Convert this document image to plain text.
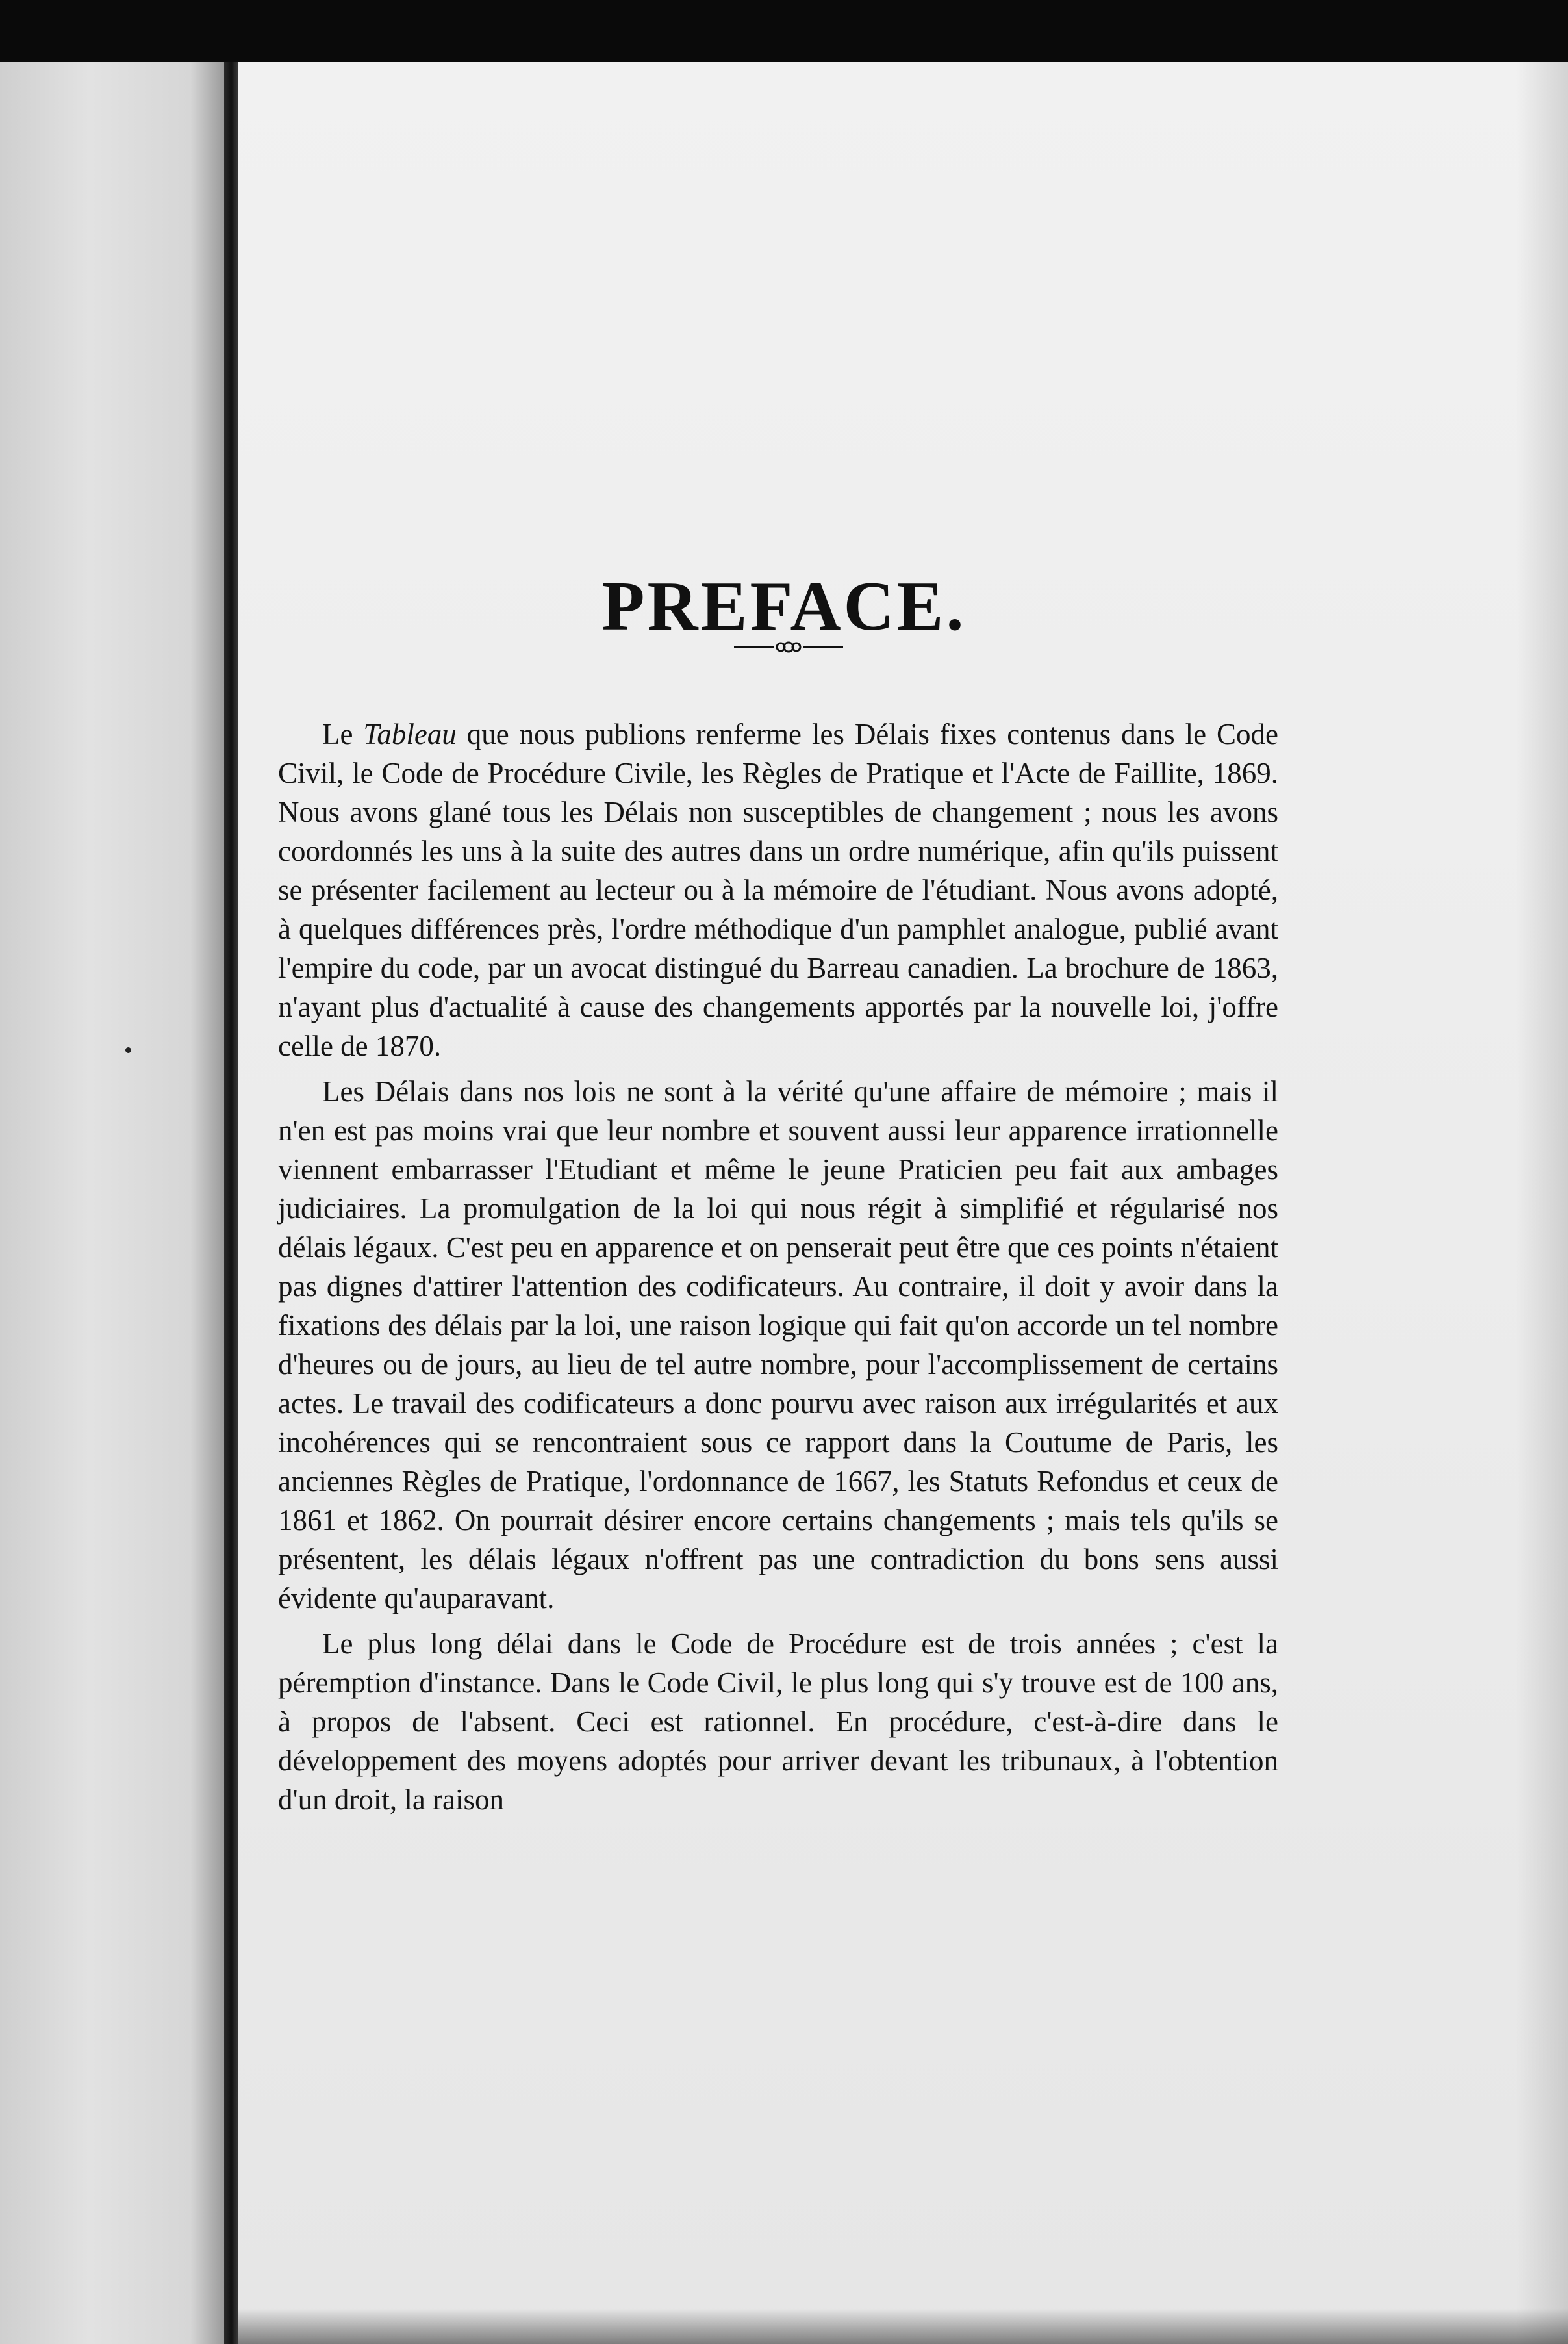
PREFACE.

Le Tableau que nous publions renferme les Délais fixes contenus dans le Code Civil, le Code de Procédure Civile, les Règles de Pratique et l'Acte de Faillite, 1869. Nous avons glané tous les Délais non susceptibles de changement ; nous les avons coordonnés les uns à la suite des autres dans un ordre numérique, afin qu'ils puissent se présenter facilement au lecteur ou à la mémoire de l'étudiant. Nous avons adopté, à quelques différences près, l'ordre méthodique d'un pamphlet analogue, publié avant l'empire du code, par un avocat distingué du Barreau canadien. La brochure de 1863, n'ayant plus d'actualité à cause des changements apportés par la nouvelle loi, j'offre celle de 1870.

Les Délais dans nos lois ne sont à la vérité qu'une affaire de mémoire ; mais il n'en est pas moins vrai que leur nombre et souvent aussi leur apparence irrationnelle viennent embarrasser l'Etudiant et même le jeune Praticien peu fait aux ambages judiciaires. La promulgation de la loi qui nous régit à simplifié et régularisé nos délais légaux. C'est peu en apparence et on penserait peut être que ces points n'étaient pas dignes d'attirer l'attention des codificateurs. Au contraire, il doit y avoir dans la fixations des délais par la loi, une raison logique qui fait qu'on accorde un tel nombre d'heures ou de jours, au lieu de tel autre nombre, pour l'accomplissement de certains actes. Le travail des codificateurs a donc pourvu avec raison aux irrégularités et aux incohérences qui se rencontraient sous ce rapport dans la Coutume de Paris, les anciennes Règles de Pratique, l'ordonnance de 1667, les Statuts Refondus et ceux de 1861 et 1862. On pourrait désirer encore certains changements ; mais tels qu'ils se présentent, les délais légaux n'offrent pas une contradiction du bons sens aussi évidente qu'auparavant.

Le plus long délai dans le Code de Procédure est de trois années ; c'est la péremption d'instance. Dans le Code Civil, le plus long qui s'y trouve est de 100 ans, à propos de l'absent. Ceci est rationnel. En procédure, c'est-à-dire dans le développement des moyens adoptés pour arriver devant les tribunaux, à l'obtention d'un droit, la raison
